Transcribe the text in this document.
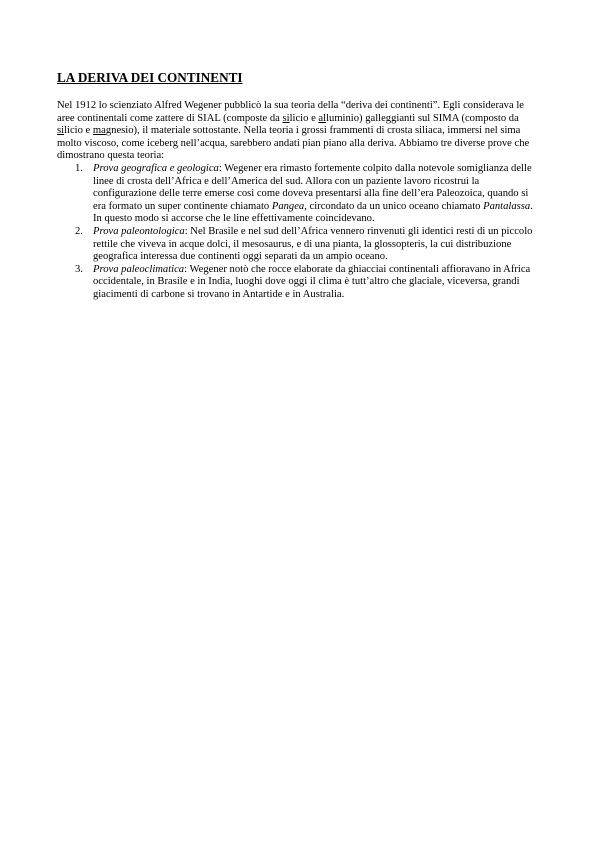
LA DERIVA DEI CONTINENTI

Nel 1912 lo scienziato Alfred Wegener pubblicò la sua teoria della “deriva dei continenti”. Egli considerava le aree continentali come zattere di SIAL (composte da silicio e alluminio) galleggianti sul SIMA (composto da silicio e magnesio), il materiale sottostante. Nella teoria i grossi frammenti di crosta siliaca, immersi nel sima molto viscoso, come iceberg nell’acqua, sarebbero andati pian piano alla deriva. Abbiamo tre diverse prove che dimostrano questa teoria:

1. Prova geografica e geologica: Wegener era rimasto fortemente colpito dalla notevole somiglianza delle linee di crosta dell’Africa e dell’America del sud. Allora con un paziente lavoro ricostruì la configurazione delle terre emerse così come doveva presentarsi alla fine dell’era Paleozoica, quando si era formato un super continente chiamato Pangea, circondato da un unico oceano chiamato Pantalassa. In questo modo si accorse che le line effettivamente coincidevano.
2. Prova paleontologica: Nel Brasile e nel sud dell’Africa vennero rinvenuti gli identici resti di un piccolo rettile che viveva in acque dolci, il mesosaurus, e di una pianta, la glossopteris, la cui distribuzione geografica interessa due continenti oggi separati da un ampio oceano.
3. Prova paleoclimatica: Wegener notò che rocce elaborate da ghiacciai continentali affioravano in Africa occidentale, in Brasile e in India, luoghi dove oggi il clima è tutt’altro che glaciale, viceversa, grandi giacimenti di carbone si trovano in Antartide e in Australia.
